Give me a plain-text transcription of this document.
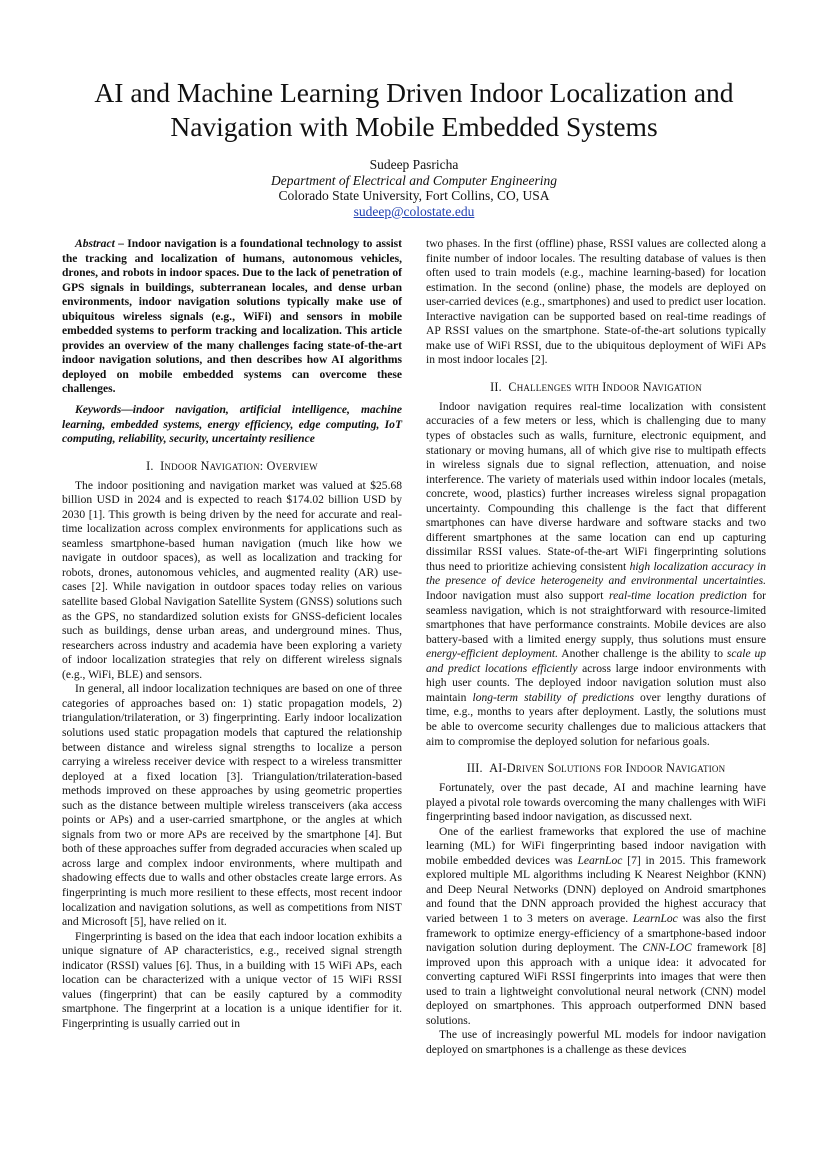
AI and Machine Learning Driven Indoor Localization and Navigation with Mobile Embedded Systems
Sudeep Pasricha
Department of Electrical and Computer Engineering
Colorado State University, Fort Collins, CO, USA
sudeep@colostate.edu

Abstract – Indoor navigation is a foundational technology to assist the tracking and localization of humans, autonomous vehicles, drones, and robots in indoor spaces. Due to the lack of penetration of GPS signals in buildings, subterranean locales, and dense urban environments, indoor navigation solutions typically make use of ubiquitous wireless signals (e.g., WiFi) and sensors in mobile embedded systems to perform tracking and localization. This article provides an overview of the many challenges facing state-of-the-art indoor navigation solutions, and then describes how AI algorithms deployed on mobile embedded systems can overcome these challenges.

Keywords—indoor navigation, artificial intelligence, machine learning, embedded systems, energy efficiency, edge computing, IoT computing, reliability, security, uncertainty resilience

I. Indoor Navigation: Overview

The indoor positioning and navigation market was valued at $25.68 billion USD in 2024 and is expected to reach $174.02 billion USD by 2030 [1]. This growth is being driven by the need for accurate and real-time localization across complex environments for applications such as seamless smartphone-based human navigation (much like how we navigate in outdoor spaces), as well as localization and tracking for robots, drones, autonomous vehicles, and augmented reality (AR) use-cases [2]. While navigation in outdoor spaces today relies on various satellite based Global Navigation Satellite System (GNSS) solutions such as the GPS, no standardized solution exists for GNSS-deficient locales such as buildings, dense urban areas, and underground mines. Thus, researchers across industry and academia have been exploring a variety of indoor localization strategies that rely on different wireless signals (e.g., WiFi, BLE) and sensors.

In general, all indoor localization techniques are based on one of three categories of approaches based on: 1) static propagation models, 2) triangulation/trilateration, or 3) fingerprinting. Early indoor localization solutions used static propagation models that captured the relationship between distance and wireless signal strengths to localize a person carrying a wireless receiver device with respect to a wireless transmitter deployed at a fixed location [3]. Triangulation/trilateration-based methods improved on these approaches by using geometric properties such as the distance between multiple wireless transceivers (aka access points or APs) and a user-carried smartphone, or the angles at which signals from two or more APs are received by the smartphone [4]. But both of these approaches suffer from degraded accuracies when scaled up across large and complex indoor environments, where multipath and shadowing effects due to walls and other obstacles create large errors. As fingerprinting is much more resilient to these effects, most recent indoor localization and navigation solutions, as well as competitions from NIST and Microsoft [5], have relied on it.

Fingerprinting is based on the idea that each indoor location exhibits a unique signature of AP characteristics, e.g., received signal strength indicator (RSSI) values [6]. Thus, in a building with 15 WiFi APs, each location can be characterized with a unique vector of 15 WiFi RSSI values (fingerprint) that can be easily captured by a commodity smartphone. The fingerprint at a location is a unique identifier for it. Fingerprinting is usually carried out in

two phases. In the first (offline) phase, RSSI values are collected along a finite number of indoor locales. The resulting database of values is then often used to train models (e.g., machine learning-based) for location estimation. In the second (online) phase, the models are deployed on user-carried devices (e.g., smartphones) and used to predict user location. Interactive navigation can be supported based on real-time readings of AP RSSI values on the smartphone. State-of-the-art solutions typically make use of WiFi RSSI, due to the ubiquitous deployment of WiFi APs in most indoor locales [2].

II. Challenges with Indoor Navigation

Indoor navigation requires real-time localization with consistent accuracies of a few meters or less, which is challenging due to many types of obstacles such as walls, furniture, electronic equipment, and stationary or moving humans, all of which give rise to multipath effects in wireless signals due to signal reflection, attenuation, and noise interference. The variety of materials used within indoor locales (metals, concrete, wood, plastics) further increases wireless signal propagation uncertainty. Compounding this challenge is the fact that different smartphones can have diverse hardware and software stacks and two different smartphones at the same location can end up capturing dissimilar RSSI values. State-of-the-art WiFi fingerprinting solutions thus need to prioritize achieving consistent high localization accuracy in the presence of device heterogeneity and environmental uncertainties. Indoor navigation must also support real-time location prediction for seamless navigation, which is not straightforward with resource-limited smartphones that have performance constraints. Mobile devices are also battery-based with a limited energy supply, thus solutions must ensure energy-efficient deployment. Another challenge is the ability to scale up and predict locations efficiently across large indoor environments with high user counts. The deployed indoor navigation solution must also maintain long-term stability of predictions over lengthy durations of time, e.g., months to years after deployment. Lastly, the solutions must be able to overcome security challenges due to malicious attackers that aim to compromise the deployed solution for nefarious goals.

III. AI-Driven Solutions for Indoor Navigation

Fortunately, over the past decade, AI and machine learning have played a pivotal role towards overcoming the many challenges with WiFi fingerprinting based indoor navigation, as discussed next.

One of the earliest frameworks that explored the use of machine learning (ML) for WiFi fingerprinting based indoor navigation with mobile embedded devices was LearnLoc [7] in 2015. This framework explored multiple ML algorithms including K Nearest Neighbor (KNN) and Deep Neural Networks (DNN) deployed on Android smartphones and found that the DNN approach provided the highest accuracy that varied between 1 to 3 meters on average. LearnLoc was also the first framework to optimize energy-efficiency of a smartphone-based indoor navigation solution during deployment. The CNN-LOC framework [8] improved upon this approach with a unique idea: it advocated for converting captured WiFi RSSI fingerprints into images that were then used to train a lightweight convolutional neural network (CNN) model deployed on smartphones. This approach outperformed DNN based solutions.

The use of increasingly powerful ML models for indoor navigation deployed on smartphones is a challenge as these devices
